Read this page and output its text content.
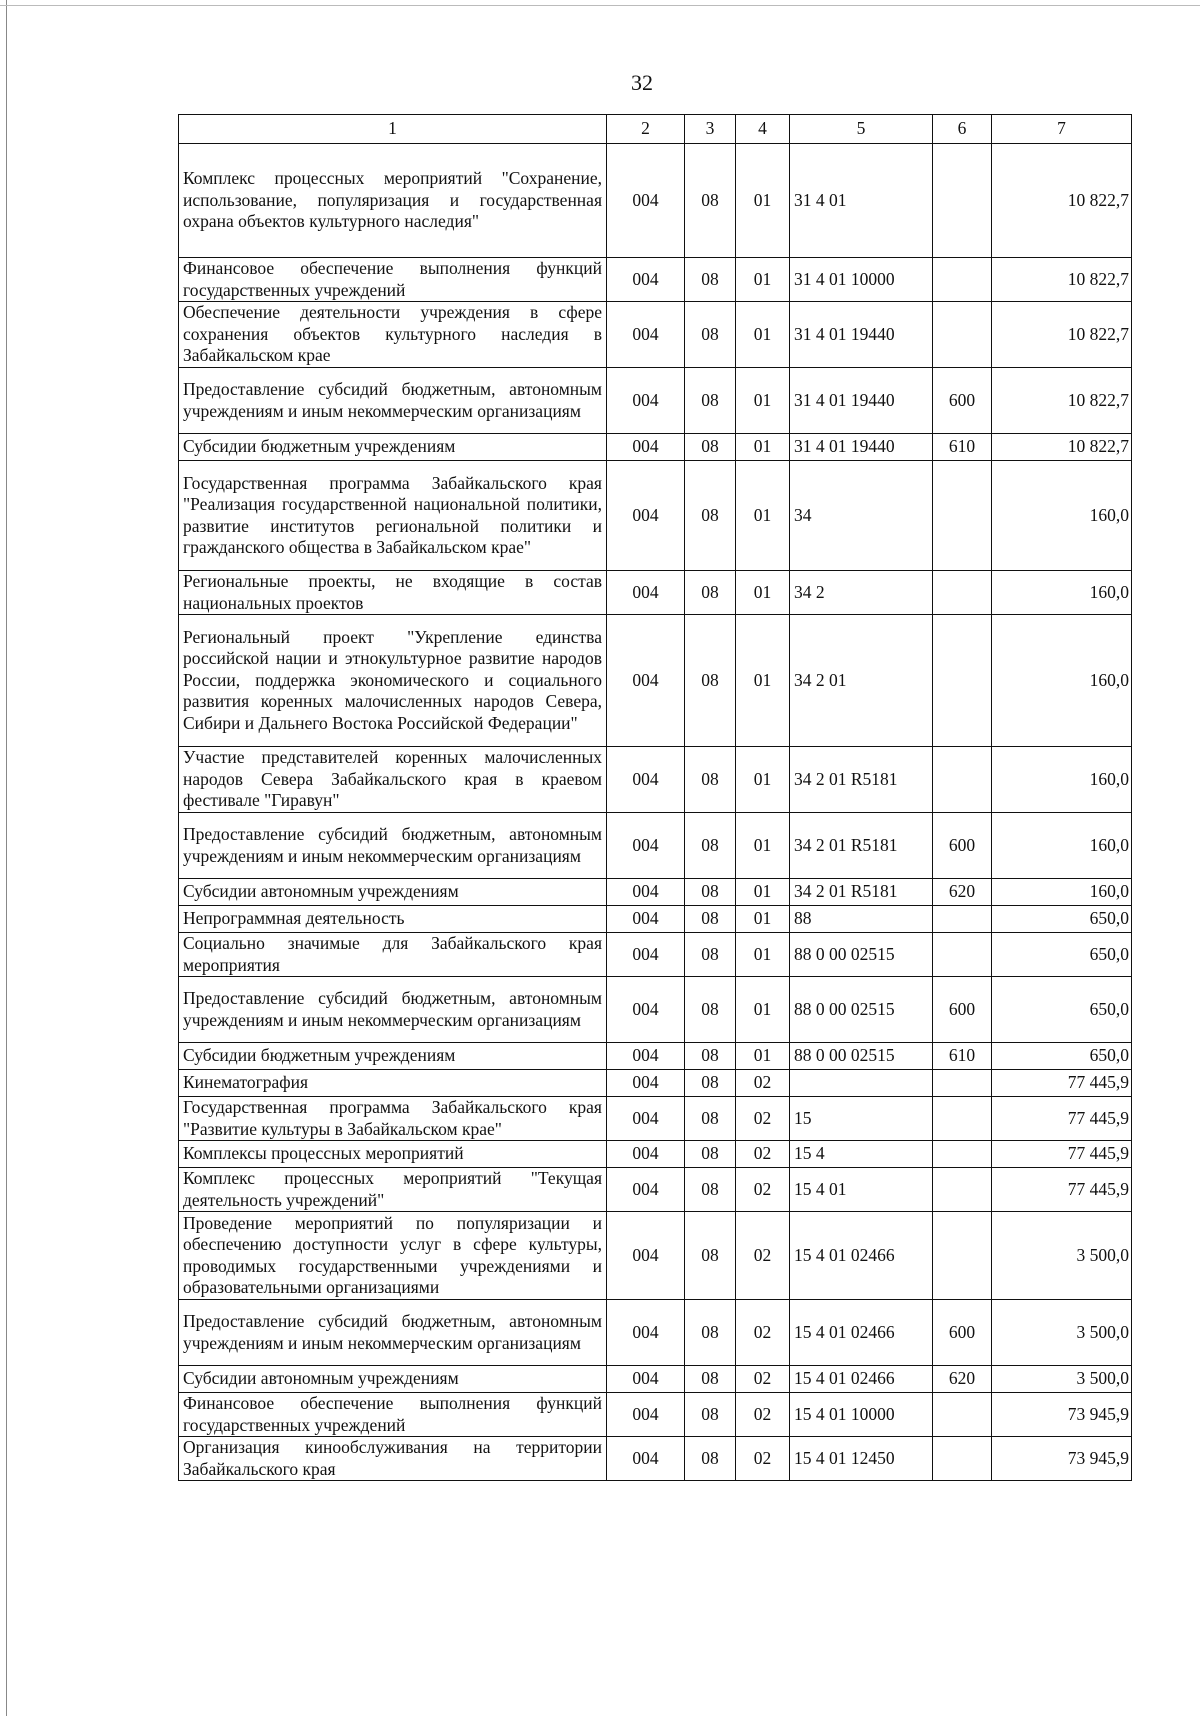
32
1	2	3	4	5	6	7
Комплекс процессных мероприятий "Сохранение, использование, популяризация и государственная охрана объектов культурного наследия"	004	08	01	31 4 01		10 822,7
Финансовое обеспечение выполнения функций государственных учреждений	004	08	01	31 4 01 10000		10 822,7
Обеспечение деятельности учреждения в сфере сохранения объектов культурного наследия в Забайкальском крае	004	08	01	31 4 01 19440		10 822,7
Предоставление субсидий бюджетным, автономным учреждениям и иным некоммерческим организациям	004	08	01	31 4 01 19440	600	10 822,7
Субсидии бюджетным учреждениям	004	08	01	31 4 01 19440	610	10 822,7
Государственная программа Забайкальского края "Реализация государственной национальной политики, развитие институтов региональной политики и гражданского общества в Забайкальском крае"	004	08	01	34		160,0
Региональные проекты, не входящие в состав национальных проектов	004	08	01	34 2		160,0
Региональный проект "Укрепление единства российской нации и этнокультурное развитие народов России, поддержка экономического и социального развития коренных малочисленных народов Севера, Сибири и Дальнего Востока Российской Федерации"	004	08	01	34 2 01		160,0
Участие представителей коренных малочисленных народов Севера Забайкальского края в краевом фестивале "Гиравун"	004	08	01	34 2 01 R5181		160,0
Предоставление субсидий бюджетным, автономным учреждениям и иным некоммерческим организациям	004	08	01	34 2 01 R5181	600	160,0
Субсидии автономным учреждениям	004	08	01	34 2 01 R5181	620	160,0
Непрограммная деятельность	004	08	01	88		650,0
Социально значимые для Забайкальского края мероприятия	004	08	01	88 0 00 02515		650,0
Предоставление субсидий бюджетным, автономным учреждениям и иным некоммерческим организациям	004	08	01	88 0 00 02515	600	650,0
Субсидии бюджетным учреждениям	004	08	01	88 0 00 02515	610	650,0
Кинематография	004	08	02			77 445,9
Государственная программа Забайкальского края "Развитие культуры в Забайкальском крае"	004	08	02	15		77 445,9
Комплексы процессных мероприятий	004	08	02	15 4		77 445,9
Комплекс процессных мероприятий "Текущая деятельность учреждений"	004	08	02	15 4 01		77 445,9
Проведение мероприятий по популяризации и обеспечению доступности услуг в сфере культуры, проводимых государственными учреждениями и образовательными организациями	004	08	02	15 4 01 02466		3 500,0
Предоставление субсидий бюджетным, автономным учреждениям и иным некоммерческим организациям	004	08	02	15 4 01 02466	600	3 500,0
Субсидии автономным учреждениям	004	08	02	15 4 01 02466	620	3 500,0
Финансовое обеспечение выполнения функций государственных учреждений	004	08	02	15 4 01 10000		73 945,9
Организация кинообслуживания на территории Забайкальского края	004	08	02	15 4 01 12450		73 945,9
